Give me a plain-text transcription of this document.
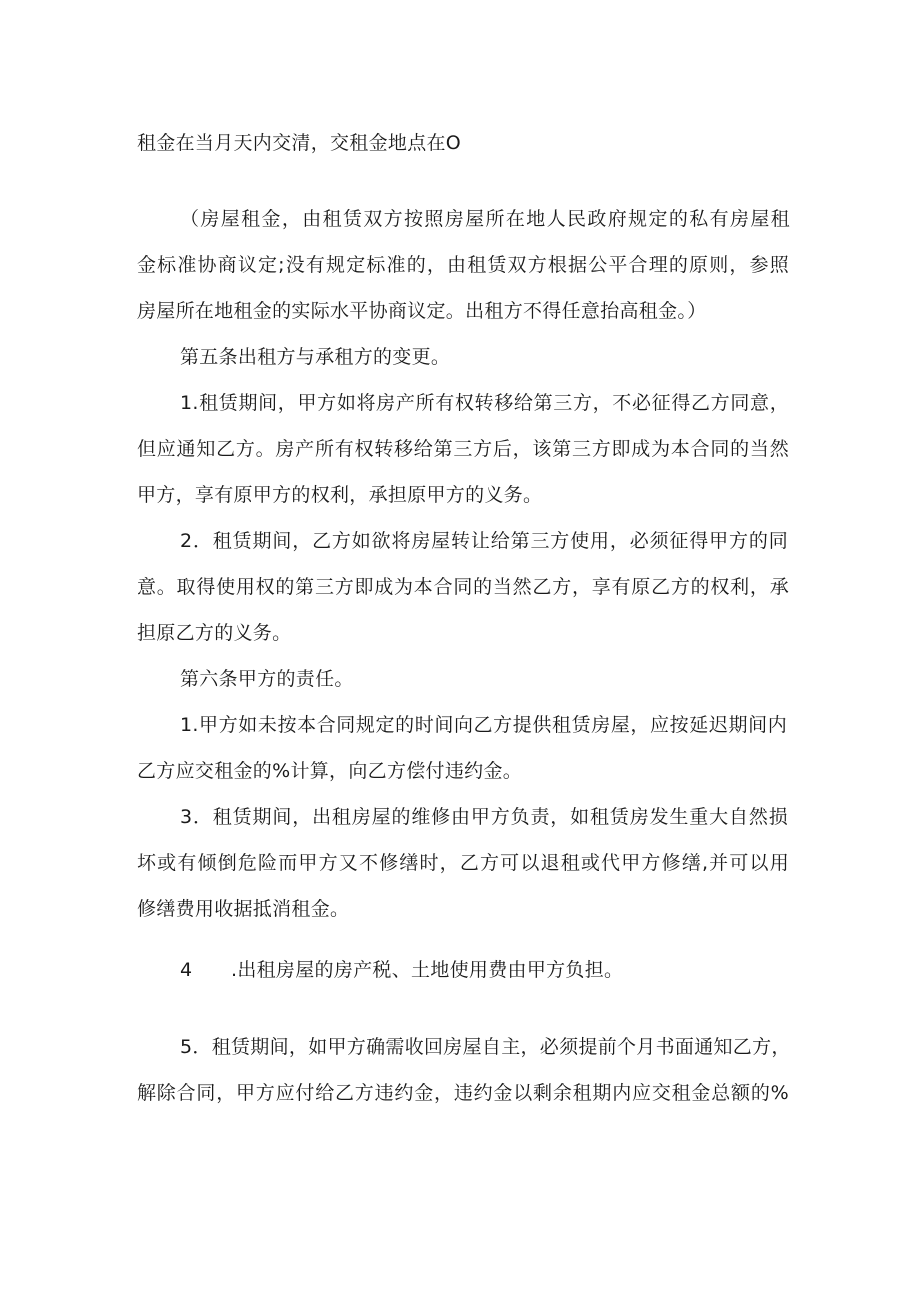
租金在当月天内交清，交租金地点在O
（房屋租金，由租赁双方按照房屋所在地人民政府规定的私有房屋租
金标准协商议定;没有规定标准的，由租赁双方根据公平合理的原则，参照
房屋所在地租金的实际水平协商议定。出租方不得任意抬高租金。）
第五条出租方与承租方的变更。
1.租赁期间，甲方如将房产所有权转移给第三方，不必征得乙方同意，
但应通知乙方。房产所有权转移给第三方后，该第三方即成为本合同的当然
甲方，享有原甲方的权利，承担原甲方的义务。
2．租赁期间，乙方如欲将房屋转让给第三方使用，必须征得甲方的同
意。取得使用权的第三方即成为本合同的当然乙方，享有原乙方的权利，承
担原乙方的义务。
第六条甲方的责任。
1.甲方如未按本合同规定的时间向乙方提供租赁房屋，应按延迟期间内
乙方应交租金的%计算，向乙方偿付违约金。
3．租赁期间，出租房屋的维修由甲方负责，如租赁房发生重大自然损
坏或有倾倒危险而甲方又不修缮时，乙方可以退租或代甲方修缮,并可以用
修缮费用收据抵消租金。
4　　.出租房屋的房产税、土地使用费由甲方负担。
5．租赁期间，如甲方确需收回房屋自主，必须提前个月书面通知乙方，
解除合同，甲方应付给乙方违约金，违约金以剩余租期内应交租金总额的%
